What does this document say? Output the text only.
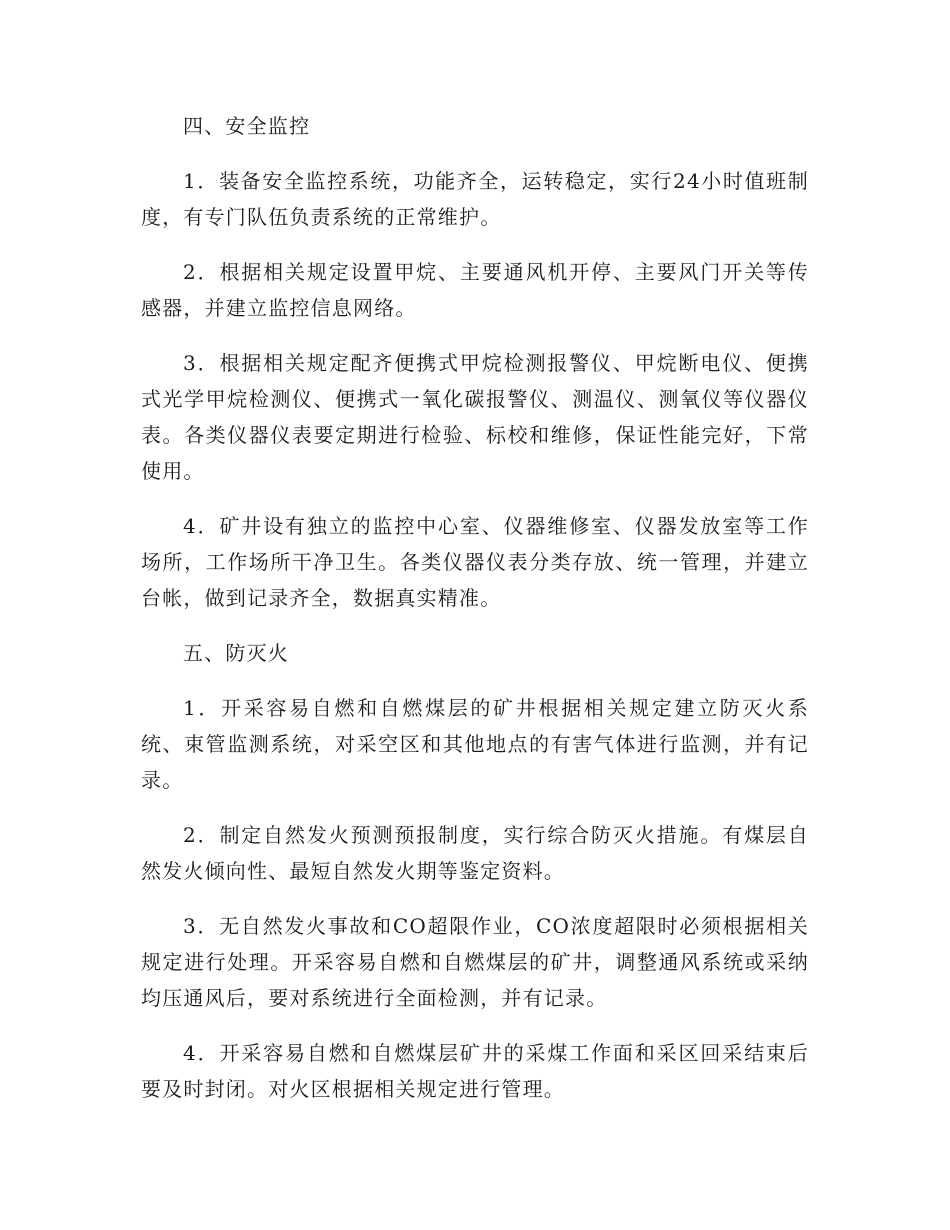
四、安全监控

1．装备安全监控系统，功能齐全，运转稳定，实行24小时值班制度，有专门队伍负责系统的正常维护。

2．根据相关规定设置甲烷、主要通风机开停、主要风门开关等传感器，并建立监控信息网络。

3．根据相关规定配齐便携式甲烷检测报警仪、甲烷断电仪、便携式光学甲烷检测仪、便携式一氧化碳报警仪、测温仪、测氧仪等仪器仪表。各类仪器仪表要定期进行检验、标校和维修，保证性能完好，下常使用。

4．矿井设有独立的监控中心室、仪器维修室、仪器发放室等工作场所，工作场所干净卫生。各类仪器仪表分类存放、统一管理，并建立台帐，做到记录齐全，数据真实精准。

五、防灭火

1．开采容易自燃和自燃煤层的矿井根据相关规定建立防灭火系统、束管监测系统，对采空区和其他地点的有害气体进行监测，并有记录。

2．制定自然发火预测预报制度，实行综合防灭火措施。有煤层自然发火倾向性、最短自然发火期等鉴定资料。

3．无自然发火事故和CO超限作业，CO浓度超限时必须根据相关规定进行处理。开采容易自燃和自燃煤层的矿井，调整通风系统或采纳均压通风后，要对系统进行全面检测，并有记录。

4．开采容易自燃和自燃煤层矿井的采煤工作面和采区回采结束后要及时封闭。对火区根据相关规定进行管理。
